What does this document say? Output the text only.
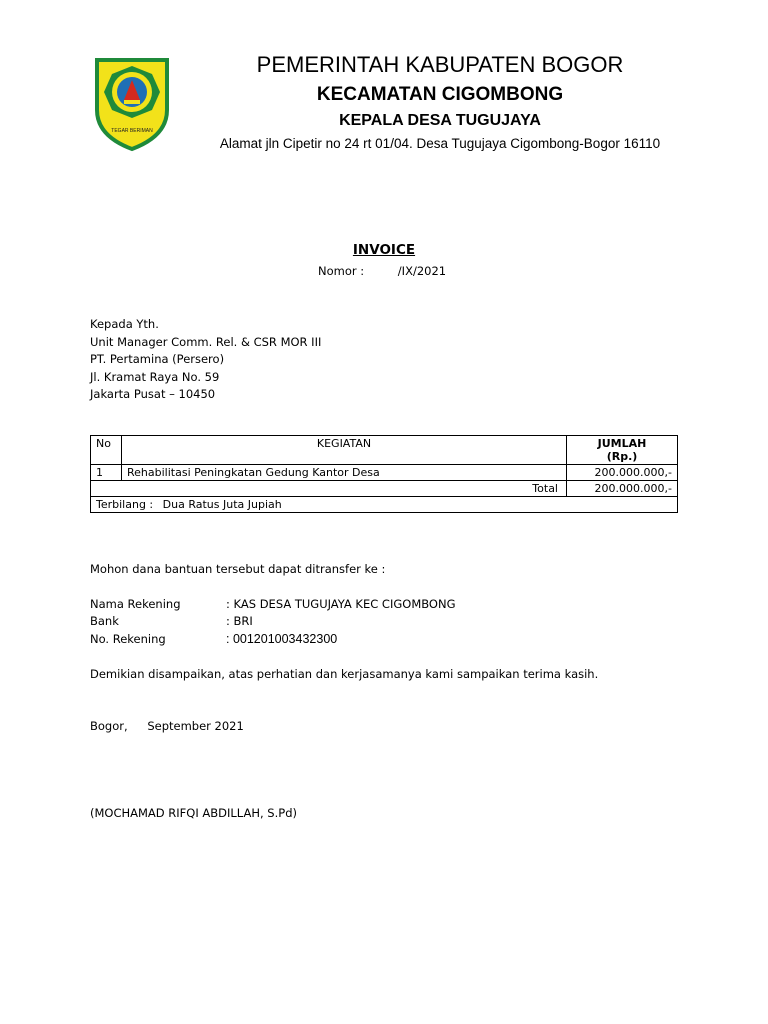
TEGAR BERIMAN
PEMERINTAH KABUPATEN BOGOR
KECAMATAN CIGOMBONG
KEPALA DESA TUGUJAYA
Alamat jln Cipetir no 24 rt 01/04. Desa Tugujaya Cigombong-Bogor 16110
INVOICE
Nomor :	/IX/2021
Kepada Yth.
Unit Manager Comm. Rel. & CSR MOR III
PT. Pertamina (Persero)
Jl. Kramat Raya No. 59
Jakarta Pusat – 10450
No	KEGIATAN	JUMLAH
(Rp.)

1	Rehabilitasi Peningkatan Gedung Kantor Desa	200.000.000,-
Total		200.000.000,-
Terbilang : Dua Ratus Juta Jupiah		
Mohon dana bantuan tersebut dapat ditransfer ke :
Nama Rekening	: KAS DESA TUGUJAYA KEC CIGOMBONG
Bank	: BRI
No. Rekening	: 001201003432300
Demikian disampaikan, atas perhatian dan kerjasamanya kami sampaikan terima kasih.
Bogor, September 2021
(MOCHAMAD RIFQI ABDILLAH, S.Pd)
